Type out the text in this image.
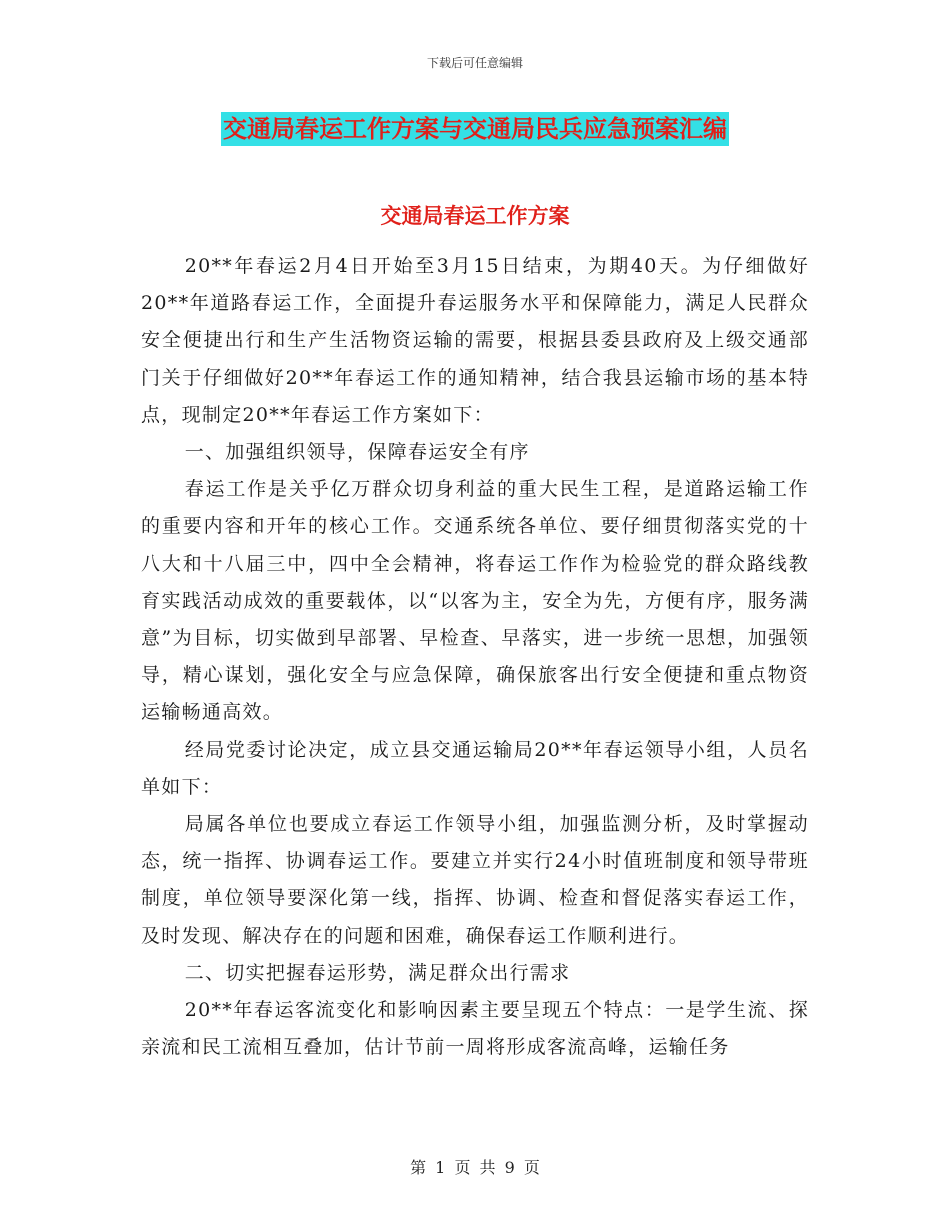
下载后可任意编辑
交通局春运工作方案与交通局民兵应急预案汇编
交通局春运工作方案

20**年春运2月4日开始至3月15日结束，为期40天。为仔细做好20**年道路春运工作，全面提升春运服务水平和保障能力，满足人民群众安全便捷出行和生产生活物资运输的需要，根据县委县政府及上级交通部门关于仔细做好20**年春运工作的通知精神，结合我县运输市场的基本特点，现制定20**年春运工作方案如下：

一、加强组织领导，保障春运安全有序

春运工作是关乎亿万群众切身利益的重大民生工程，是道路运输工作的重要内容和开年的核心工作。交通系统各单位、要仔细贯彻落实党的十八大和十八届三中，四中全会精神，将春运工作作为检验党的群众路线教育实践活动成效的重要载体，以“以客为主，安全为先，方便有序，服务满意”为目标，切实做到早部署、早检查、早落实，进一步统一思想，加强领导，精心谋划，强化安全与应急保障，确保旅客出行安全便捷和重点物资运输畅通高效。

经局党委讨论决定，成立县交通运输局20**年春运领导小组，人员名单如下：

局属各单位也要成立春运工作领导小组，加强监测分析，及时掌握动态，统一指挥、协调春运工作。要建立并实行24小时值班制度和领导带班制度，单位领导要深化第一线，指挥、协调、检查和督促落实春运工作，及时发现、解决存在的问题和困难，确保春运工作顺利进行。

二、切实把握春运形势，满足群众出行需求

20**年春运客流变化和影响因素主要呈现五个特点：一是学生流、探亲流和民工流相互叠加，估计节前一周将形成客流高峰，运输任务

第 1 页 共 9 页
